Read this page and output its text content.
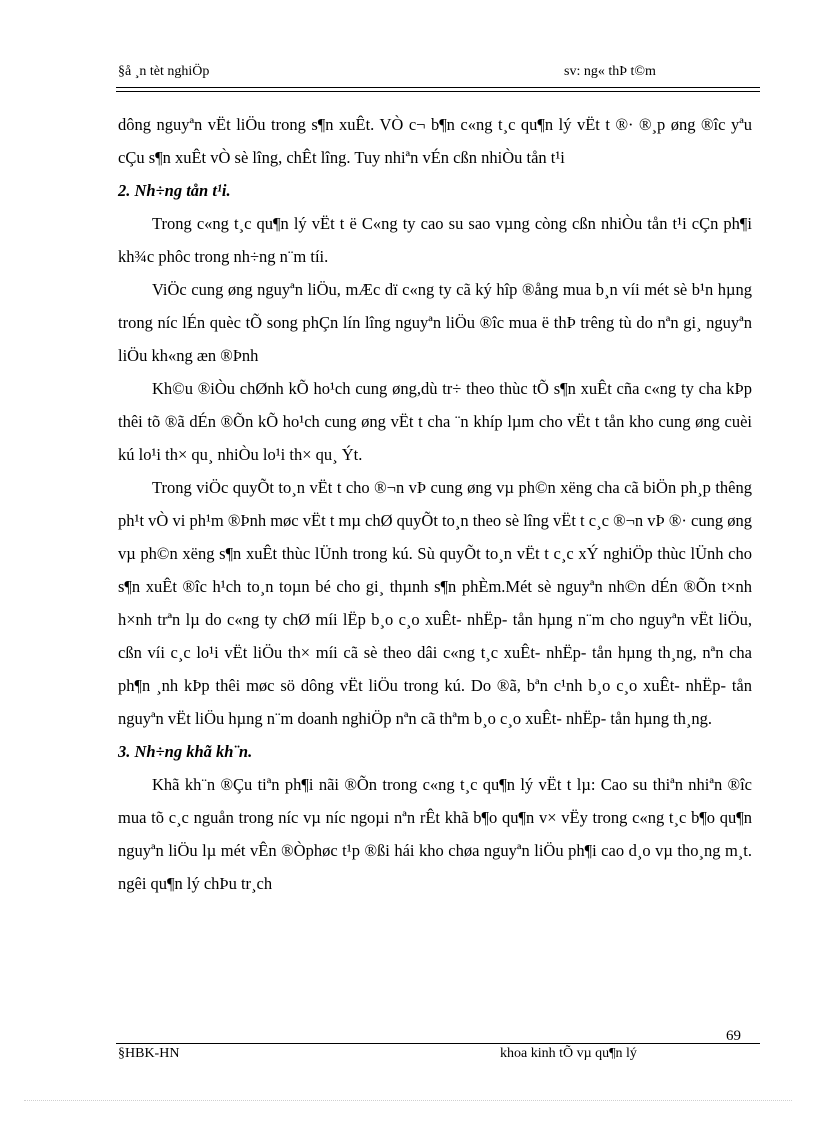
§å ¸n tèt nghiÖp	sv: ng« thÞ t©m

dông nguyªn vËt liÖu trong s¶n xuÊt. VÒ c¬ b¶n c«ng t¸c qu¶n lý vËt t ®· ®¸p øng ®îc yªu cÇu s¶n xuÊt vÒ sè lîng, chÊt lîng. Tuy nhiªn vÉn cßn nhiÒu tån t¹i

2. Nh÷ng tån t¹i.

Trong c«ng t¸c qu¶n lý vËt t ë C«ng ty cao su sao vµng còng cßn nhiÒu tån t¹i cÇn ph¶i kh¾c phôc trong nh÷ng n¨m tíi.

ViÖc cung øng nguyªn liÖu, mÆc dï c«ng ty cã ký hîp ®ång mua b¸n víi mét sè b¹n hµng trong níc lÉn quèc tÕ song phÇn lín lîng nguyªn liÖu ®îc mua ë thÞ trêng tù do nªn gi¸ nguyªn liÖu kh«ng æn ®Þnh

Kh©u ®iÒu chØnh kÕ ho¹ch cung øng,dù tr÷ theo thùc tÕ s¶n xuÊt cña c«ng ty cha kÞp thêi tõ ®ã dÉn ®Õn kÕ ho¹ch cung øng vËt t cha ¨n khíp lµm cho vËt t tån kho cung øng cuèi kú lo¹i th× qu¸ nhiÒu lo¹i th× qu¸ Ýt.

Trong viÖc quyÕt to¸n vËt t cho ®¬n vÞ cung øng vµ ph©n xëng cha cã biÖn ph¸p thêng ph¹t vÒ vi ph¹m ®Þnh møc vËt t mµ chØ quyÕt to¸n theo sè lîng vËt t c¸c ®¬n vÞ ®· cung øng vµ ph©n xëng s¶n xuÊt thùc lÜnh trong kú. Sù quyÕt to¸n vËt t c¸c xÝ nghiÖp thùc lÜnh cho s¶n xuÊt ®îc h¹ch to¸n toµn bé cho gi¸ thµnh s¶n phÈm.Mét sè nguyªn nh©n dÉn ®Õn t×nh h×nh trªn lµ do c«ng ty chØ míi lËp b¸o c¸o xuÊt- nhËp- tån hµng n¨m cho nguyªn vËt liÖu, cßn víi c¸c lo¹i vËt liÖu th× míi cã sè theo dâi c«ng t¸c xuÊt- nhËp- tån hµng th¸ng, nªn cha ph¶n ¸nh kÞp thêi møc sö dông vËt liÖu trong kú. Do ®ã, bªn c¹nh b¸o c¸o xuÊt- nhËp- tån nguyªn vËt liÖu hµng n¨m doanh nghiÖp nªn cã thªm b¸o c¸o xuÊt- nhËp- tån hµng th¸ng.

3. Nh÷ng khã kh¨n.

Khã kh¨n ®Çu tiªn ph¶i nãi ®Õn trong c«ng t¸c qu¶n lý vËt t lµ: Cao su thiªn nhiªn ®îc mua tõ c¸c nguån trong níc vµ níc ngoµi nªn rÊt khã b¶o qu¶n v× vËy trong c«ng t¸c b¶o qu¶n nguyªn liÖu lµ mét vÊn ®Òphøc t¹p ®ßi hái kho chøa nguyªn liÖu ph¶i cao d¸o vµ tho¸ng m¸t. ngêi qu¶n lý chÞu tr¸ch

69
§HBK-HN	khoa kinh tÕ vµ qu¶n lý
